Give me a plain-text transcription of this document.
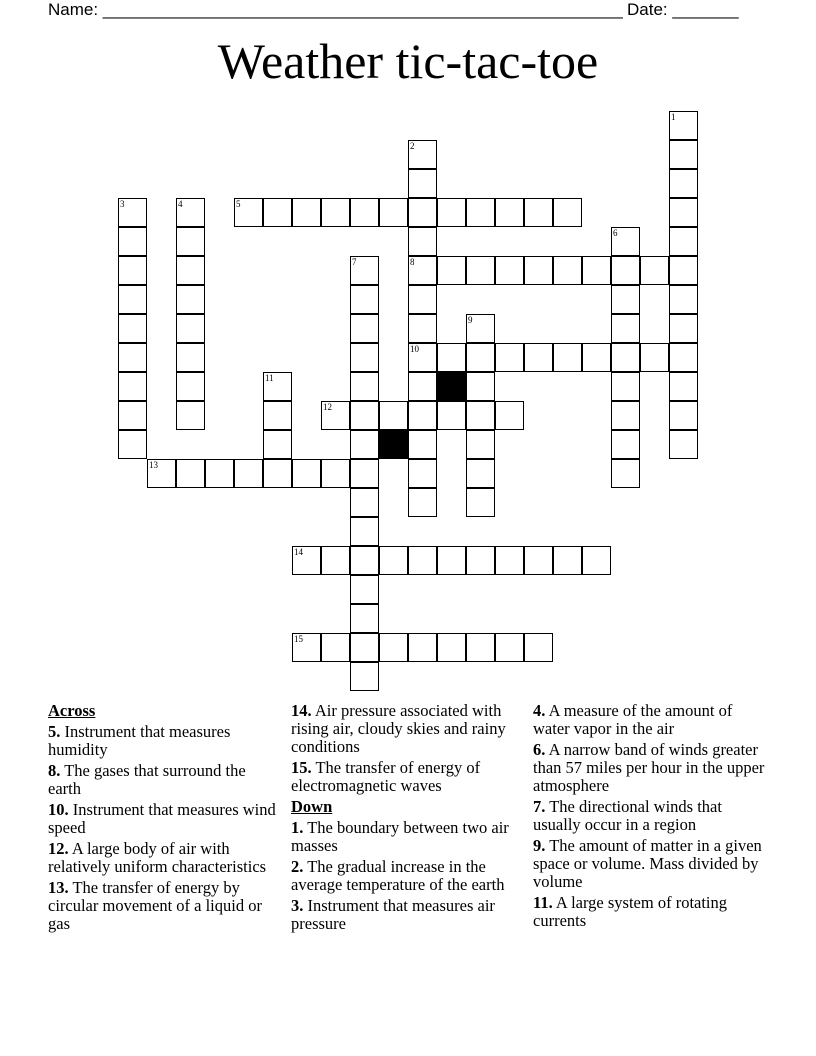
Name: _______________________________________________________ Date: _______
Weather tic-tac-toe
1
2
8
10
3	4	5
6
7
9
11
12
13
14
15
Across
5. Instrument that measures humidity
8. The gases that surround the earth
10. Instrument that measures wind speed
12. A large body of air with relatively uniform characteristics
13. The transfer of energy by circular movement of a liquid or gas
14. Air pressure associated with rising air, cloudy skies and rainy conditions
15. The transfer of energy of electromagnetic waves
Down
1. The boundary between two air masses
2. The gradual increase in the average temperature of the earth
3. Instrument that measures air pressure
4. A measure of the amount of water vapor in the air
6. A narrow band of winds greater than 57 miles per hour in the upper atmosphere
7. The directional winds that usually occur in a region
9. The amount of matter in a given space or volume. Mass divided by volume
11. A large system of rotating currents
